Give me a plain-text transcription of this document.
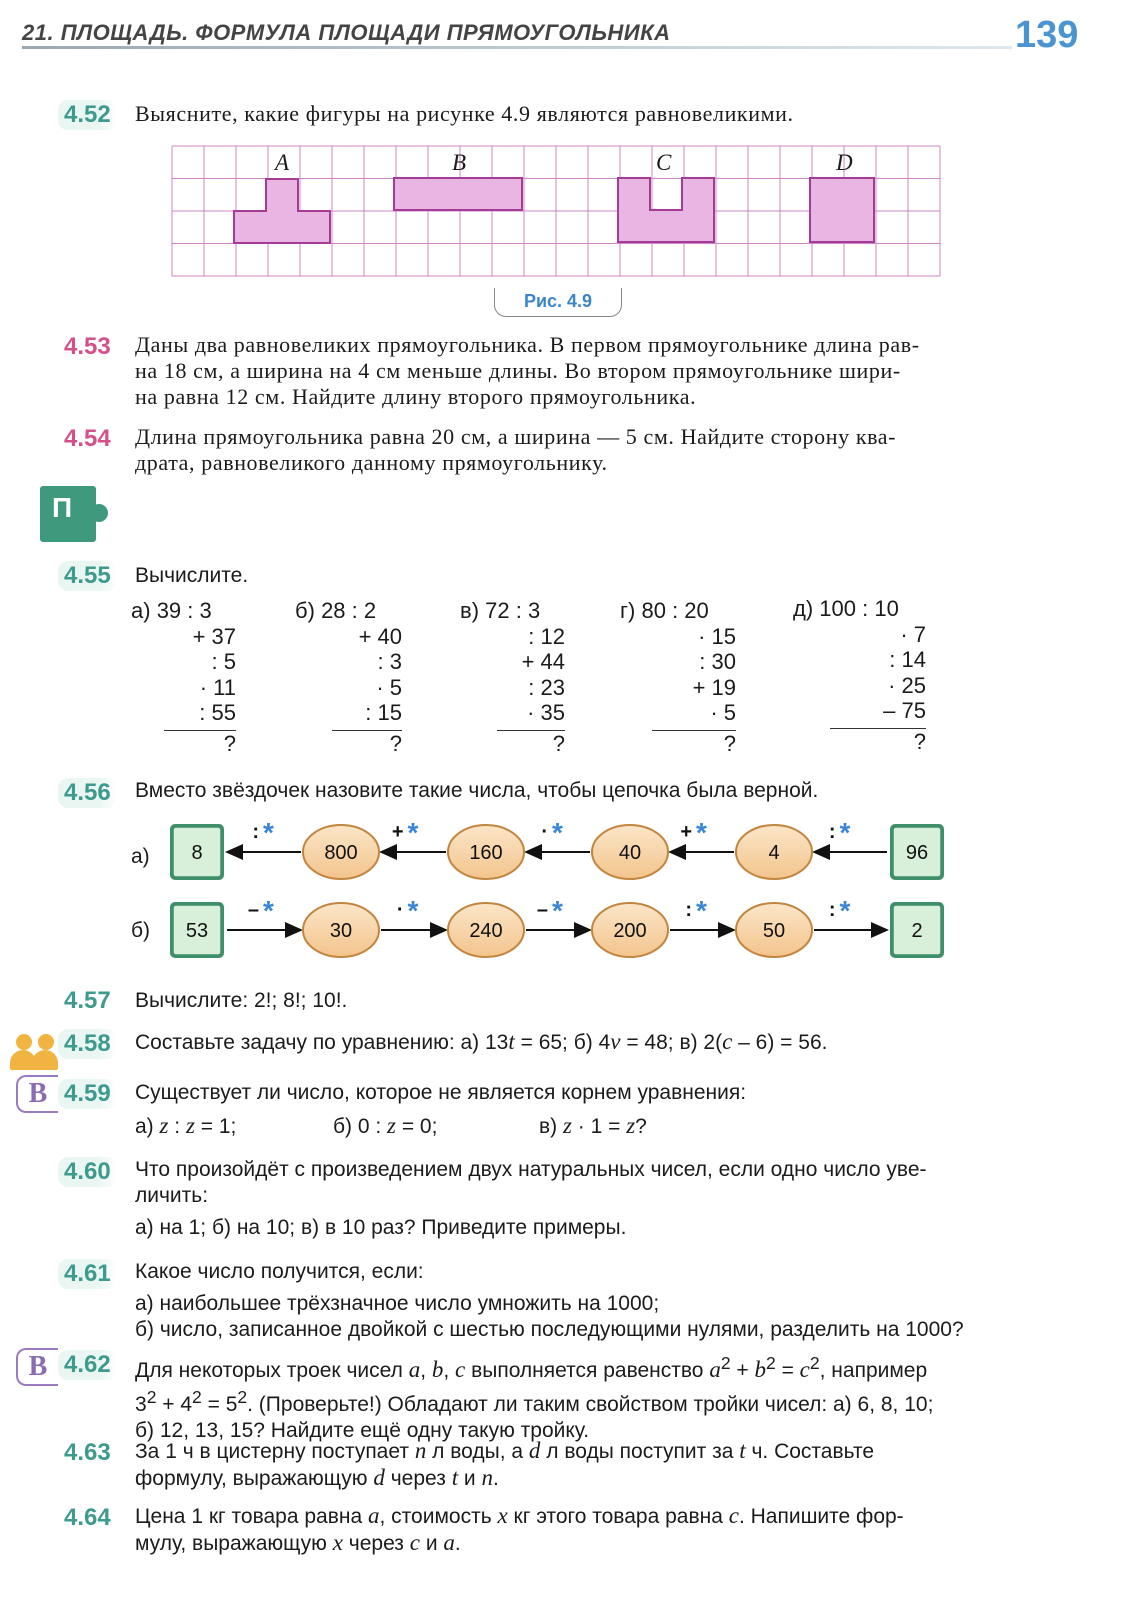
21. ПЛОЩАДЬ. ФОРМУЛА ПЛОЩАДИ ПРЯМОУГОЛЬНИКА	139
4.52 Выясните, какие фигуры на рисунке 4.9 являются равновеликими.
A	B	C	D
Рис. 4.9
4.53 Даны два равновеликих прямоугольника. В первом прямоугольнике длина рав-
на 18 см, а ширина на 4 см меньше длины. Во втором прямоугольнике шири-
на равна 12 см. Найдите длину второго прямоугольника.
4.54 Длина прямоугольника равна 20 см, а ширина — 5 см. Найдите сторону ква-
драта, равновеликого данному прямоугольнику.
П
4.55 Вычислите.
а) 39 : 3

+ 37
: 5
· 11
: 55
?
б) 28 : 2

+ 40
: 3
· 5
: 15
?
в) 72 : 3

: 12
+ 44
: 23
· 35
?
г) 80 : 20

· 15
: 30
+ 19
· 5
?
д) 100 : 10

· 7
: 14
· 25
– 75
?
4.56 Вместо звёздочек назовите такие числа, чтобы цепочка была верной.
: *	+ *	· *	+ *	: *
8	800	160	40	4	96
– *	· *	– *	: *	: *
53	30	240	200	50	2
а)
б)
4.57 Вычислите: 2!; 8!; 10!.
4.58 Составьте задачу по уравнению: а) 13t = 65; б) 4v = 48; в) 2(c – 6) = 56.
В 4.59 Существует ли число, которое не является корнем уравнения:
а) z : z = 1;	б) 0 : z = 0;	в) z · 1 = z?
4.60 Что произойдёт с произведением двух натуральных чисел, если одно число уве-
личить:
а) на 1; б) на 10; в) в 10 раз? Приведите примеры.
4.61 Какое число получится, если:
а) наибольшее трёхзначное число умножить на 1000;
б) число, записанное двойкой с шестью последующими нулями, разделить на 1000?
В 4.62 Для некоторых троек чисел a, b, c выполняется равенство $a^2 + b^2 = c^2$, например
$3^2 + 4^2 = 5^2$. (Проверьте!) Обладают ли таким свойством тройки чисел: а) 6, 8, 10;
б) 12, 13, 15? Найдите ещё одну такую тройку.
4.63 За 1 ч в цистерну поступает n л воды, а d л воды поступит за t ч. Составьте
формулу, выражающую d через t и n.
4.64 Цена 1 кг товара равна a, стоимость x кг этого товара равна c. Напишите фор-
мулу, выражающую x через c и a.
